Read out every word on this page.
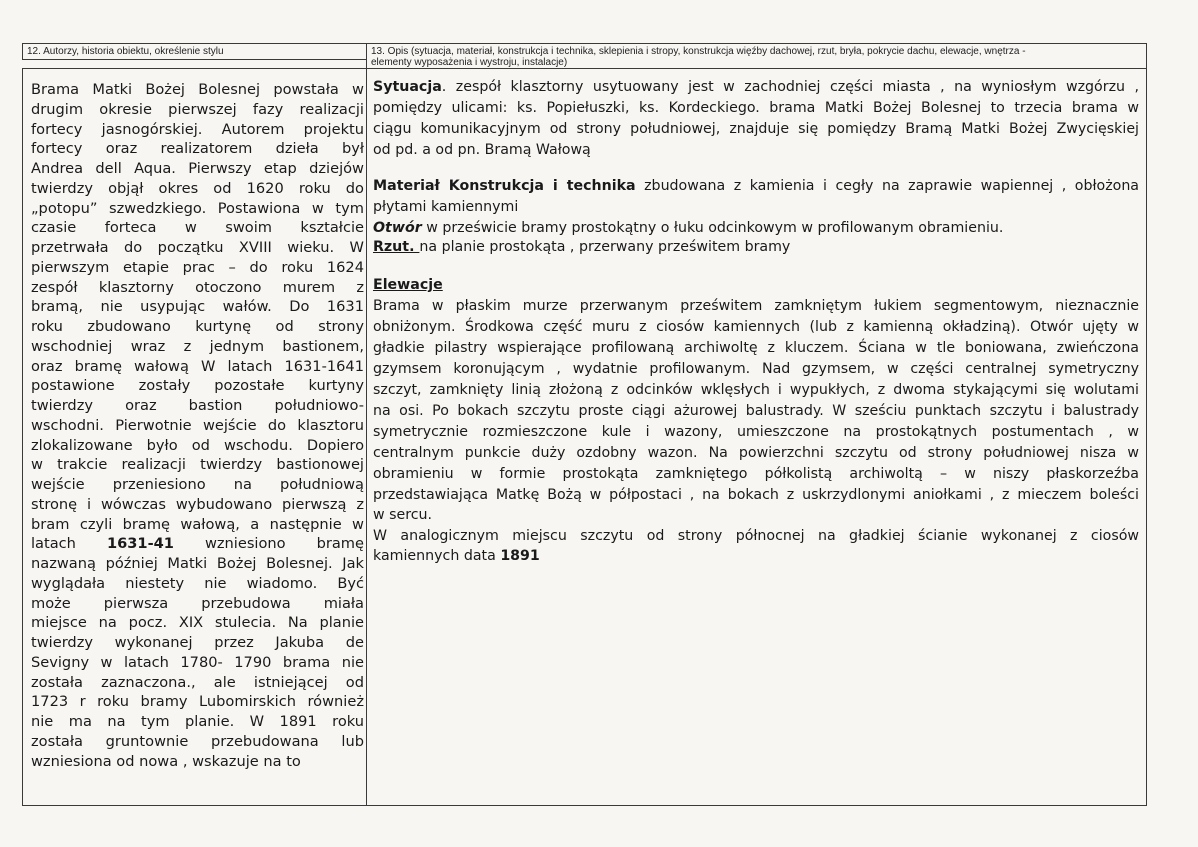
12. Autorzy, historia obiektu, określenie stylu	13. Opis (sytuacja, materiał, konstrukcja i technika, sklepienia i stropy, konstrukcja więźby dachowej, rzut, bryła, pokrycie dachu, elewacje, wnętrza -
elementy wyposażenia i wystroju, instalacje)
Brama Matki Bożej Bolesnej powstała w
drugim okresie pierwszej fazy realizacji
fortecy jasnogórskiej. Autorem projektu
fortecy oraz realizatorem dzieła był
Andrea dell Aqua. Pierwszy etap dziejów
twierdzy objął okres od 1620 roku do
„potopu” szwedzkiego. Postawiona w tym
czasie forteca w swoim kształcie
przetrwała do początku XVIII wieku. W
pierwszym etapie prac – do roku 1624
zespół klasztorny otoczono murem z
bramą, nie usypując wałów. Do 1631
roku zbudowano kurtynę od strony
wschodniej wraz z jednym bastionem,
oraz bramę wałową W latach 1631-1641
postawione zostały pozostałe kurtyny
twierdzy oraz bastion południowo-
wschodni. Pierwotnie wejście do klasztoru
zlokalizowane było od wschodu. Dopiero
w trakcie realizacji twierdzy bastionowej
wejście przeniesiono na południową
stronę i wówczas wybudowano pierwszą z
bram czyli bramę wałową, a następnie w
latach 1631-41 wzniesiono bramę
nazwaną później Matki Bożej Bolesnej. Jak
wyglądała niestety nie wiadomo. Być
może pierwsza przebudowa miała
miejsce na pocz. XIX stulecia. Na planie
twierdzy wykonanej przez Jakuba de
Sevigny w latach 1780- 1790 brama nie
została zaznaczona., ale istniejącej od
1723 r roku bramy Lubomirskich również
nie ma na tym planie. W 1891 roku
została gruntownie przebudowana lub
wzniesiona od nowa , wskazuje na to
Sytuacja. zespół klasztorny usytuowany jest w zachodniej części miasta , na wyniosłym wzgórzu ,
pomiędzy ulicami: ks. Popiełuszki, ks. Kordeckiego. brama Matki Bożej Bolesnej to trzecia brama w
ciągu komunikacyjnym od strony południowej, znajduje się pomiędzy Bramą Matki Bożej Zwycięskiej
od pd. a od pn. Bramą Wałową
Materiał Konstrukcja i technika zbudowana z kamienia i cegły na zaprawie wapiennej , obłożona
płytami kamiennymi
Otwór w prześwicie bramy prostokątny o łuku odcinkowym w profilowanym obramieniu.
Rzut. na planie prostokąta , przerwany prześwitem bramy
Elewacje
Brama w płaskim murze przerwanym prześwitem zamkniętym łukiem segmentowym, nieznacznie
obniżonym. Środkowa część muru z ciosów kamiennych (lub z kamienną okładziną). Otwór ujęty w
gładkie pilastry wspierające profilowaną archiwoltę z kluczem. Ściana w tle boniowana, zwieńczona
gzymsem koronującym , wydatnie profilowanym. Nad gzymsem, w części centralnej symetryczny
szczyt, zamknięty linią złożoną z odcinków wklęsłych i wypukłych, z dwoma stykającymi się wolutami
na osi. Po bokach szczytu proste ciągi ażurowej balustrady. W sześciu punktach szczytu i balustrady
symetrycznie rozmieszczone kule i wazony, umieszczone na prostokątnych postumentach , w
centralnym punkcie duży ozdobny wazon. Na powierzchni szczytu od strony południowej nisza w
obramieniu w formie prostokąta zamkniętego półkolistą archiwoltą – w niszy płaskorzeźba
przedstawiająca Matkę Bożą w półpostaci , na bokach z uskrzydlonymi aniołkami , z mieczem boleści
w sercu.
W analogicznym miejscu szczytu od strony północnej na gładkiej ścianie wykonanej z ciosów
kamiennych data 1891
